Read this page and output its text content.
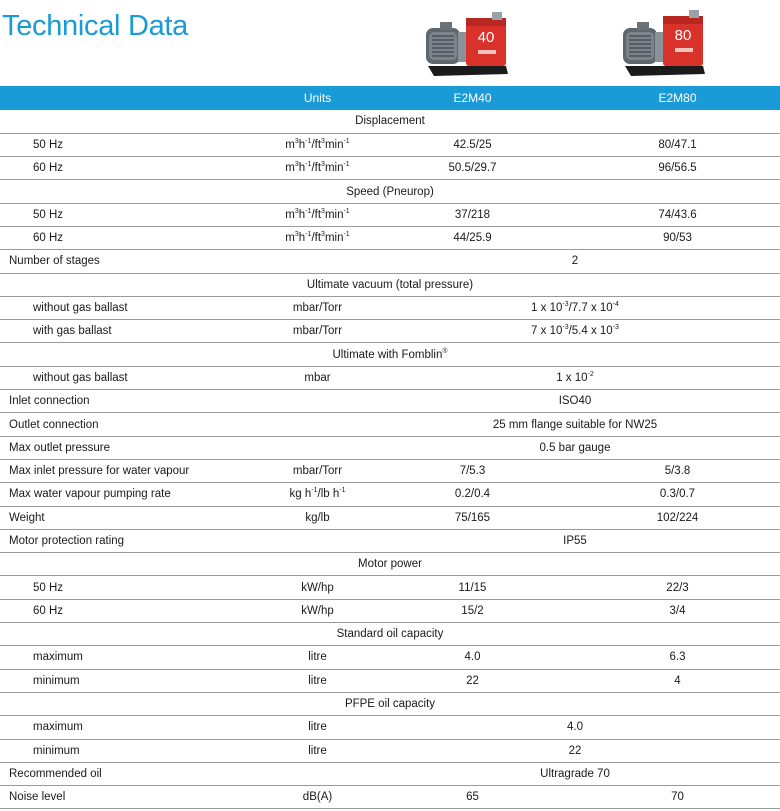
Technical Data	40	80
	Units	E2M40	E2M80
Displacement			
50 Hz	$m^3h^{-1}/ft^3\min^{-1}$	42.5/25	80/47.1
60 Hz	$m^3h^{-1}/ft^3\min^{-1}$	50.5/29.7	96/56.5
Speed (Pneurop)			
50 Hz	$m^3h^{-1}/ft^3\min^{-1}$	37/218	74/43.6
60 Hz	$m^3h^{-1}/ft^3\min^{-1}$	44/25.9	90/53
Number of stages		2	
Ultimate vacuum (total pressure)			
without gas ballast	mbar/Torr	1 x $10^{-3}/7.7$ x $10^{-4}$
with gas ballast	mbar/Torr	7 x $10^{-3}/5.4$ x $10^{-3}$
Ultimate with Fomblin®
without gas ballast	mbar	1 x $10^{-2}$
Inlet connection		ISO40	
Outlet connection		25 mm flange suitable for NW25	
Max outlet pressure		0.5 bar gauge	
Max inlet pressure for water vapour	mbar/Torr	7/5.3	5/3.8
Max water vapour pumping rate	kg $h^{-1}/lb$ $h^{-1}$	0.2/0.4	0.3/0.7
Weight	kg/lb	75/165	102/224
Motor protection rating		IP55	
Motor power			
50 Hz	kW/hp	11/15	22/3
60 Hz	kW/hp	15/2	3/4
Standard oil capacity			
maximum	litre	4.0	6.3
minimum	litre	22	4
PFPE oil capacity			
maximum	litre	4.0	
minimum	litre	22	
Recommended oil		Ultragrade 70	
Noise level	dB(A)	65	70
